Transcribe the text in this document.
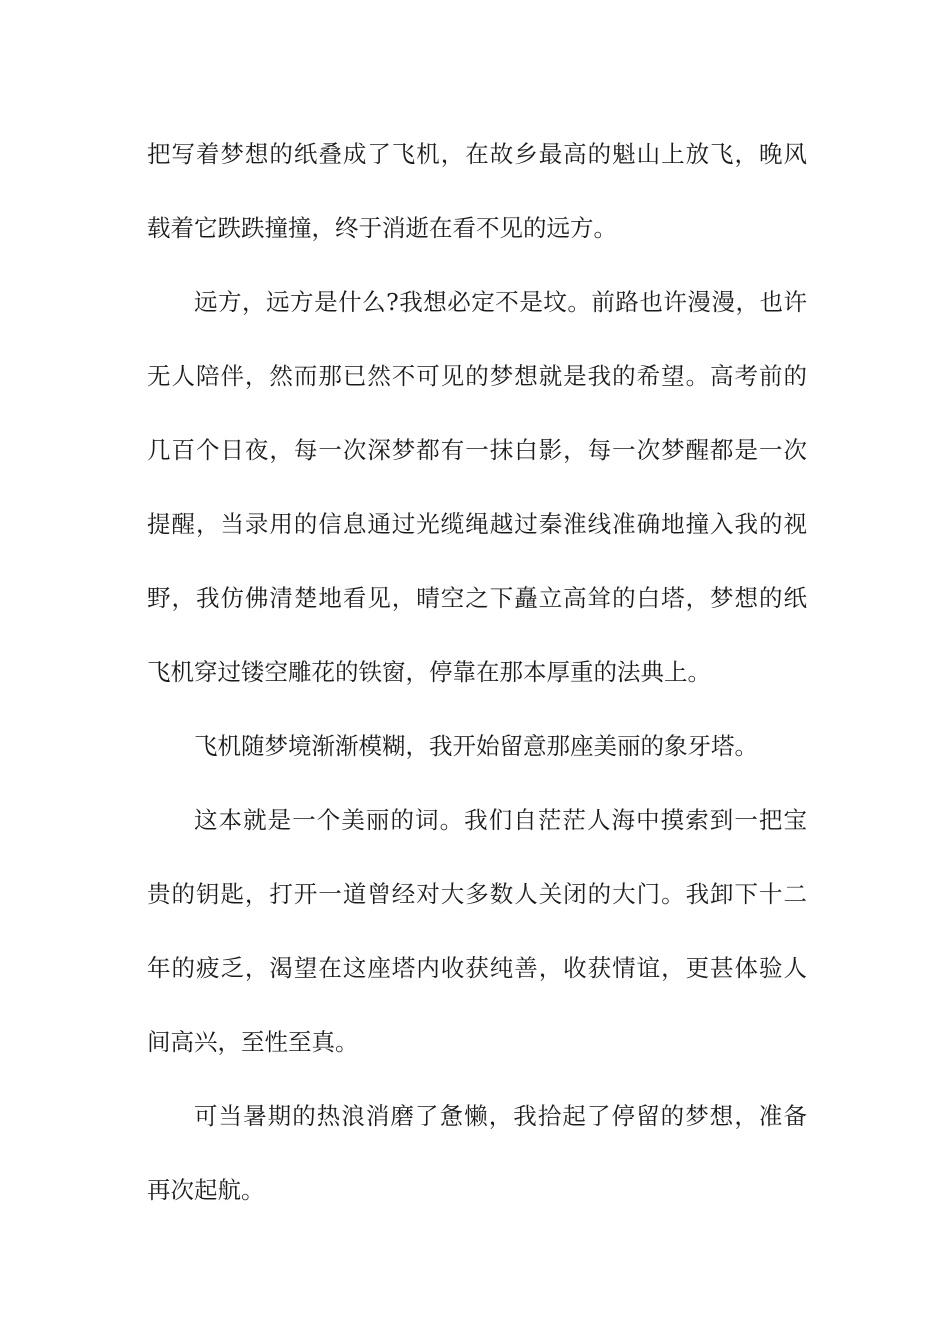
把写着梦想的纸叠成了飞机，在故乡最高的魁山上放飞，晚风
载着它跌跌撞撞，终于消逝在看不见的远方。
远方，远方是什么?我想必定不是坟。前路也许漫漫，也许
无人陪伴，然而那已然不可见的梦想就是我的希望。高考前的
几百个日夜，每一次深梦都有一抹白影，每一次梦醒都是一次
提醒，当录用的信息通过光缆绳越过秦淮线准确地撞入我的视
野，我仿佛清楚地看见，晴空之下矗立高耸的白塔，梦想的纸
飞机穿过镂空雕花的铁窗，停靠在那本厚重的法典上。
飞机随梦境渐渐模糊，我开始留意那座美丽的象牙塔。
这本就是一个美丽的词。我们自茫茫人海中摸索到一把宝
贵的钥匙，打开一道曾经对大多数人关闭的大门。我卸下十二
年的疲乏，渴望在这座塔内收获纯善，收获情谊，更甚体验人
间高兴，至性至真。
可当暑期的热浪消磨了惫懒，我拾起了停留的梦想，准备
再次起航。
